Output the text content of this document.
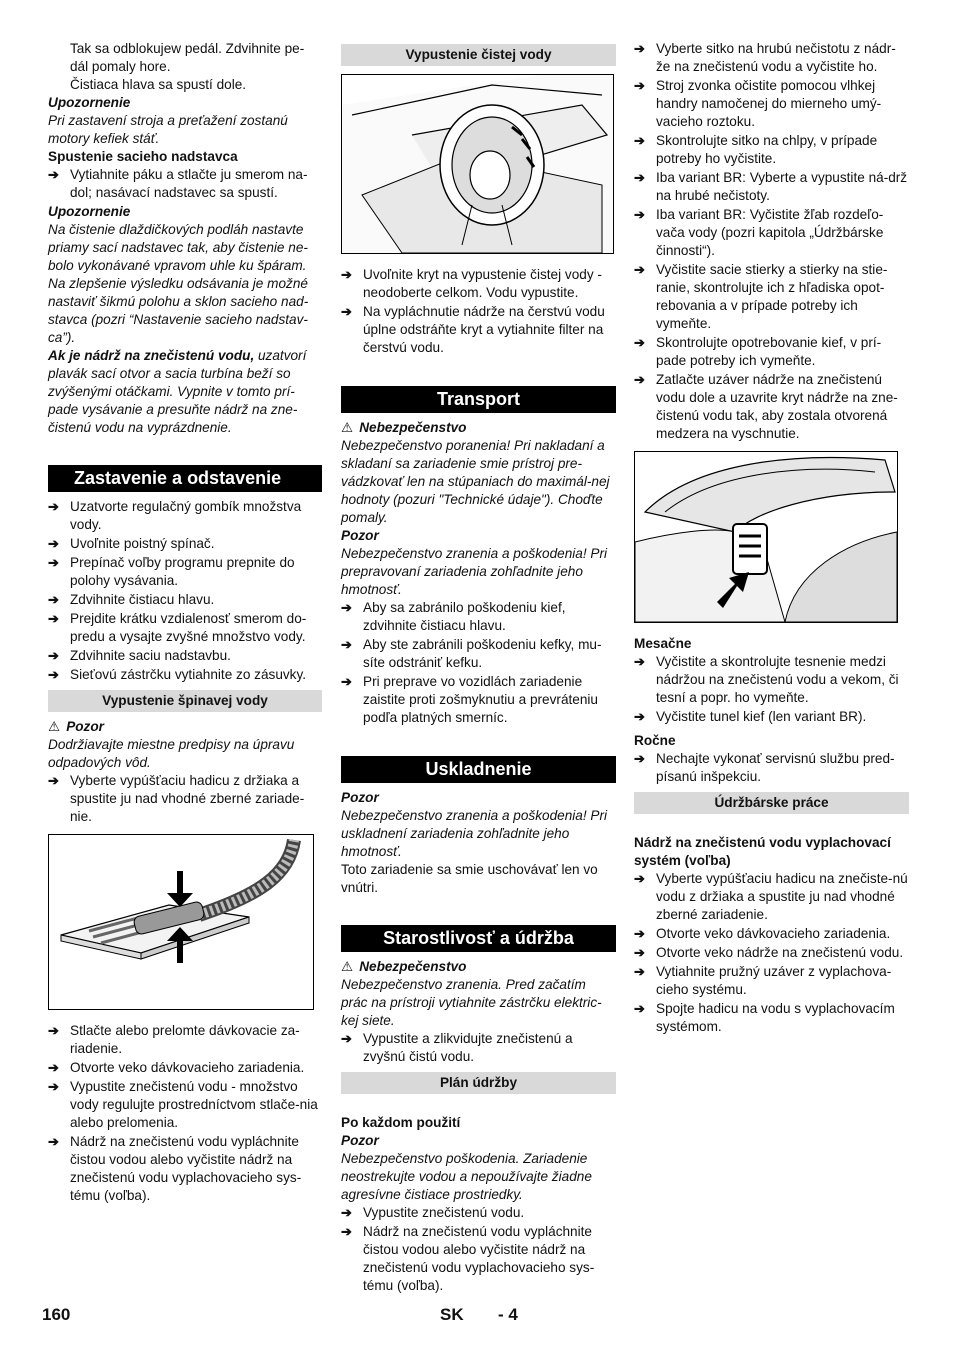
Tak sa odblokujew pedál. Zdvihnite pe-dál pomaly hore.

Čistiaca hlava sa spustí dole.

Upozornenie

Pri zastavení stroja a preťažení zostanú motory kefiek stáť.

Spustenie sacieho nadstavca

➔ Vytiahnite páku a stlačte ju smerom na-dol; nasávací nadstavec sa spustí.

Upozornenie

Na čistenie dlaždičkových podláh nastavte priamy sací nadstavec tak, aby čistenie ne-bolo vykonávané vpravom uhle ku špáram. Na zlepšenie výsledku odsávania je možné nastaviť šikmú polohu a sklon sacieho nad-stavca (pozri “Nastavenie sacieho nadstav-ca”).

Ak je nádrž na znečistenú vodu, uzatvorí plavák sací otvor a sacia turbína beží so zvýšenými otáčkami. Vypnite v tomto prí-pade vysávanie a presuňte nádrž na zne-čistenú vodu na vyprázdnenie.

Zastavenie a odstavenie

➔ Uzatvorte regulačný gombík množstva vody.

➔ Uvoľnite poistný spínač.

➔ Prepínač voľby programu prepnite do polohy vysávania.

➔ Zdvihnite čistiacu hlavu.

➔ Prejdite krátku vzdialenosť smerom do-predu a vysajte zvyšné množstvo vody.

➔ Zdvihnite saciu nadstavbu.

➔ Sieťovú zástrčku vytiahnite zo zásuvky.

Vypustenie špinavej vody

⚠ Pozor

Dodržiavajte miestne predpisy na úpravu odpadových vôd.

➔ Vyberte vypúšťaciu hadicu z držiaka a spustite ju nad vhodné zberné zariade-nie.

➔ Stlačte alebo prelomte dávkovacie za-riadenie.

➔ Otvorte veko dávkovacieho zariadenia.

➔ Vypustite znečistenú vodu - množstvo vody regulujte prostredníctvom stlače-nia alebo prelomenia.

➔ Nádrž na znečistenú vodu vypláchnite čistou vodou alebo vyčistite nádrž na znečistenú vodu vyplachovacieho sys-tému (voľba).

Vypustenie čistej vody

➔ Uvoľnite kryt na vypustenie čistej vody - neodoberte celkom. Vodu vypustite.

➔ Na vypláchnutie nádrže na čerstvú vodu úplne odstráňte kryt a vytiahnite filter na čerstvú vodu.

Transport

⚠ Nebezpečenstvo

Nebezpečenstvo poranenia! Pri nakladaní a skladaní sa zariadenie smie prístroj pre-vádzkovať len na stúpaniach do maximál-nej hodnoty (pozuri "Technické údaje"). Choďte pomaly.

Pozor

Nebezpečenstvo zranenia a poškodenia! Pri prepravovaní zariadenia zohľadnite jeho hmotnosť.

➔ Aby sa zabránilo poškodeniu kief, zdvihnite čistiacu hlavu.

➔ Aby ste zabránili poškodeniu kefky, mu-síte odstrániť kefku.

➔ Pri preprave vo vozidlách zariadenie zaistite proti zošmyknutiu a prevráteniu podľa platných smerníc.

Uskladnenie

Pozor

Nebezpečenstvo zranenia a poškodenia! Pri uskladnení zariadenia zohľadnite jeho hmotnosť.

Toto zariadenie sa smie uschovávať len vo vnútri.

Starostlivosť a údržba

⚠ Nebezpečenstvo

Nebezpečenstvo zranenia. Pred začatím prác na prístroji vytiahnite zástrčku elektric-kej siete.

➔ Vypustite a zlikvidujte znečistenú a zvyšnú čistú vodu.

Plán údržby

Po každom použití

Pozor

Nebezpečenstvo poškodenia. Zariadenie neostrekujte vodou a nepoužívajte žiadne agresívne čistiace prostriedky.

➔ Vypustite znečistenú vodu.

➔ Nádrž na znečistenú vodu vypláchnite čistou vodou alebo vyčistite nádrž na znečistenú vodu vyplachovacieho sys-tému (voľba).

➔ Vyberte sitko na hrubú nečistotu z nádr-že na znečistenú vodu a vyčistite ho.

➔ Stroj zvonka očistite pomocou vlhkej handry namočenej do mierneho umý-vacieho roztoku.

➔ Skontrolujte sitko na chlpy, v prípade potreby ho vyčistite.

➔ Iba variant BR: Vyberte a vypustite ná-drž na hrubé nečistoty.

➔ Iba variant BR: Vyčistite žľab rozdeľo-vača vody (pozri kapitola „Údržbárske činnosti“).

➔ Vyčistite sacie stierky a stierky na stie-ranie, skontrolujte ich z hľadiska opot-rebovania a v prípade potreby ich vymeňte.

➔ Skontrolujte opotrebovanie kief, v prí-pade potreby ich vymeňte.

➔ Zatlačte uzáver nádrže na znečistenú vodu dole a uzavrite kryt nádrže na zne-čistenú vodu tak, aby zostala otvorená medzera na vyschnutie.

Mesačne

➔ Vyčistite a skontrolujte tesnenie medzi nádržou na znečistenú vodu a vekom, či tesní a popr. ho vymeňte.

➔ Vyčistite tunel kief (len variant BR).

Ročne

➔ Nechajte vykonať servisnú službu pred-písanú inšpekciu.

Údržbárske práce

Nádrž na znečistenú vodu vyplachovací systém (voľba)

➔ Vyberte vypúšťaciu hadicu na znečiste-nú vodu z držiaka a spustite ju nad vhodné zberné zariadenie.

➔ Otvorte veko dávkovacieho zariadenia.

➔ Otvorte veko nádrže na znečistenú vodu.

➔ Vytiahnite pružný uzáver z vyplachova-cieho systému.

➔ Spojte hadicu na vodu s vyplachovacím systémom.

160	SK - 4
